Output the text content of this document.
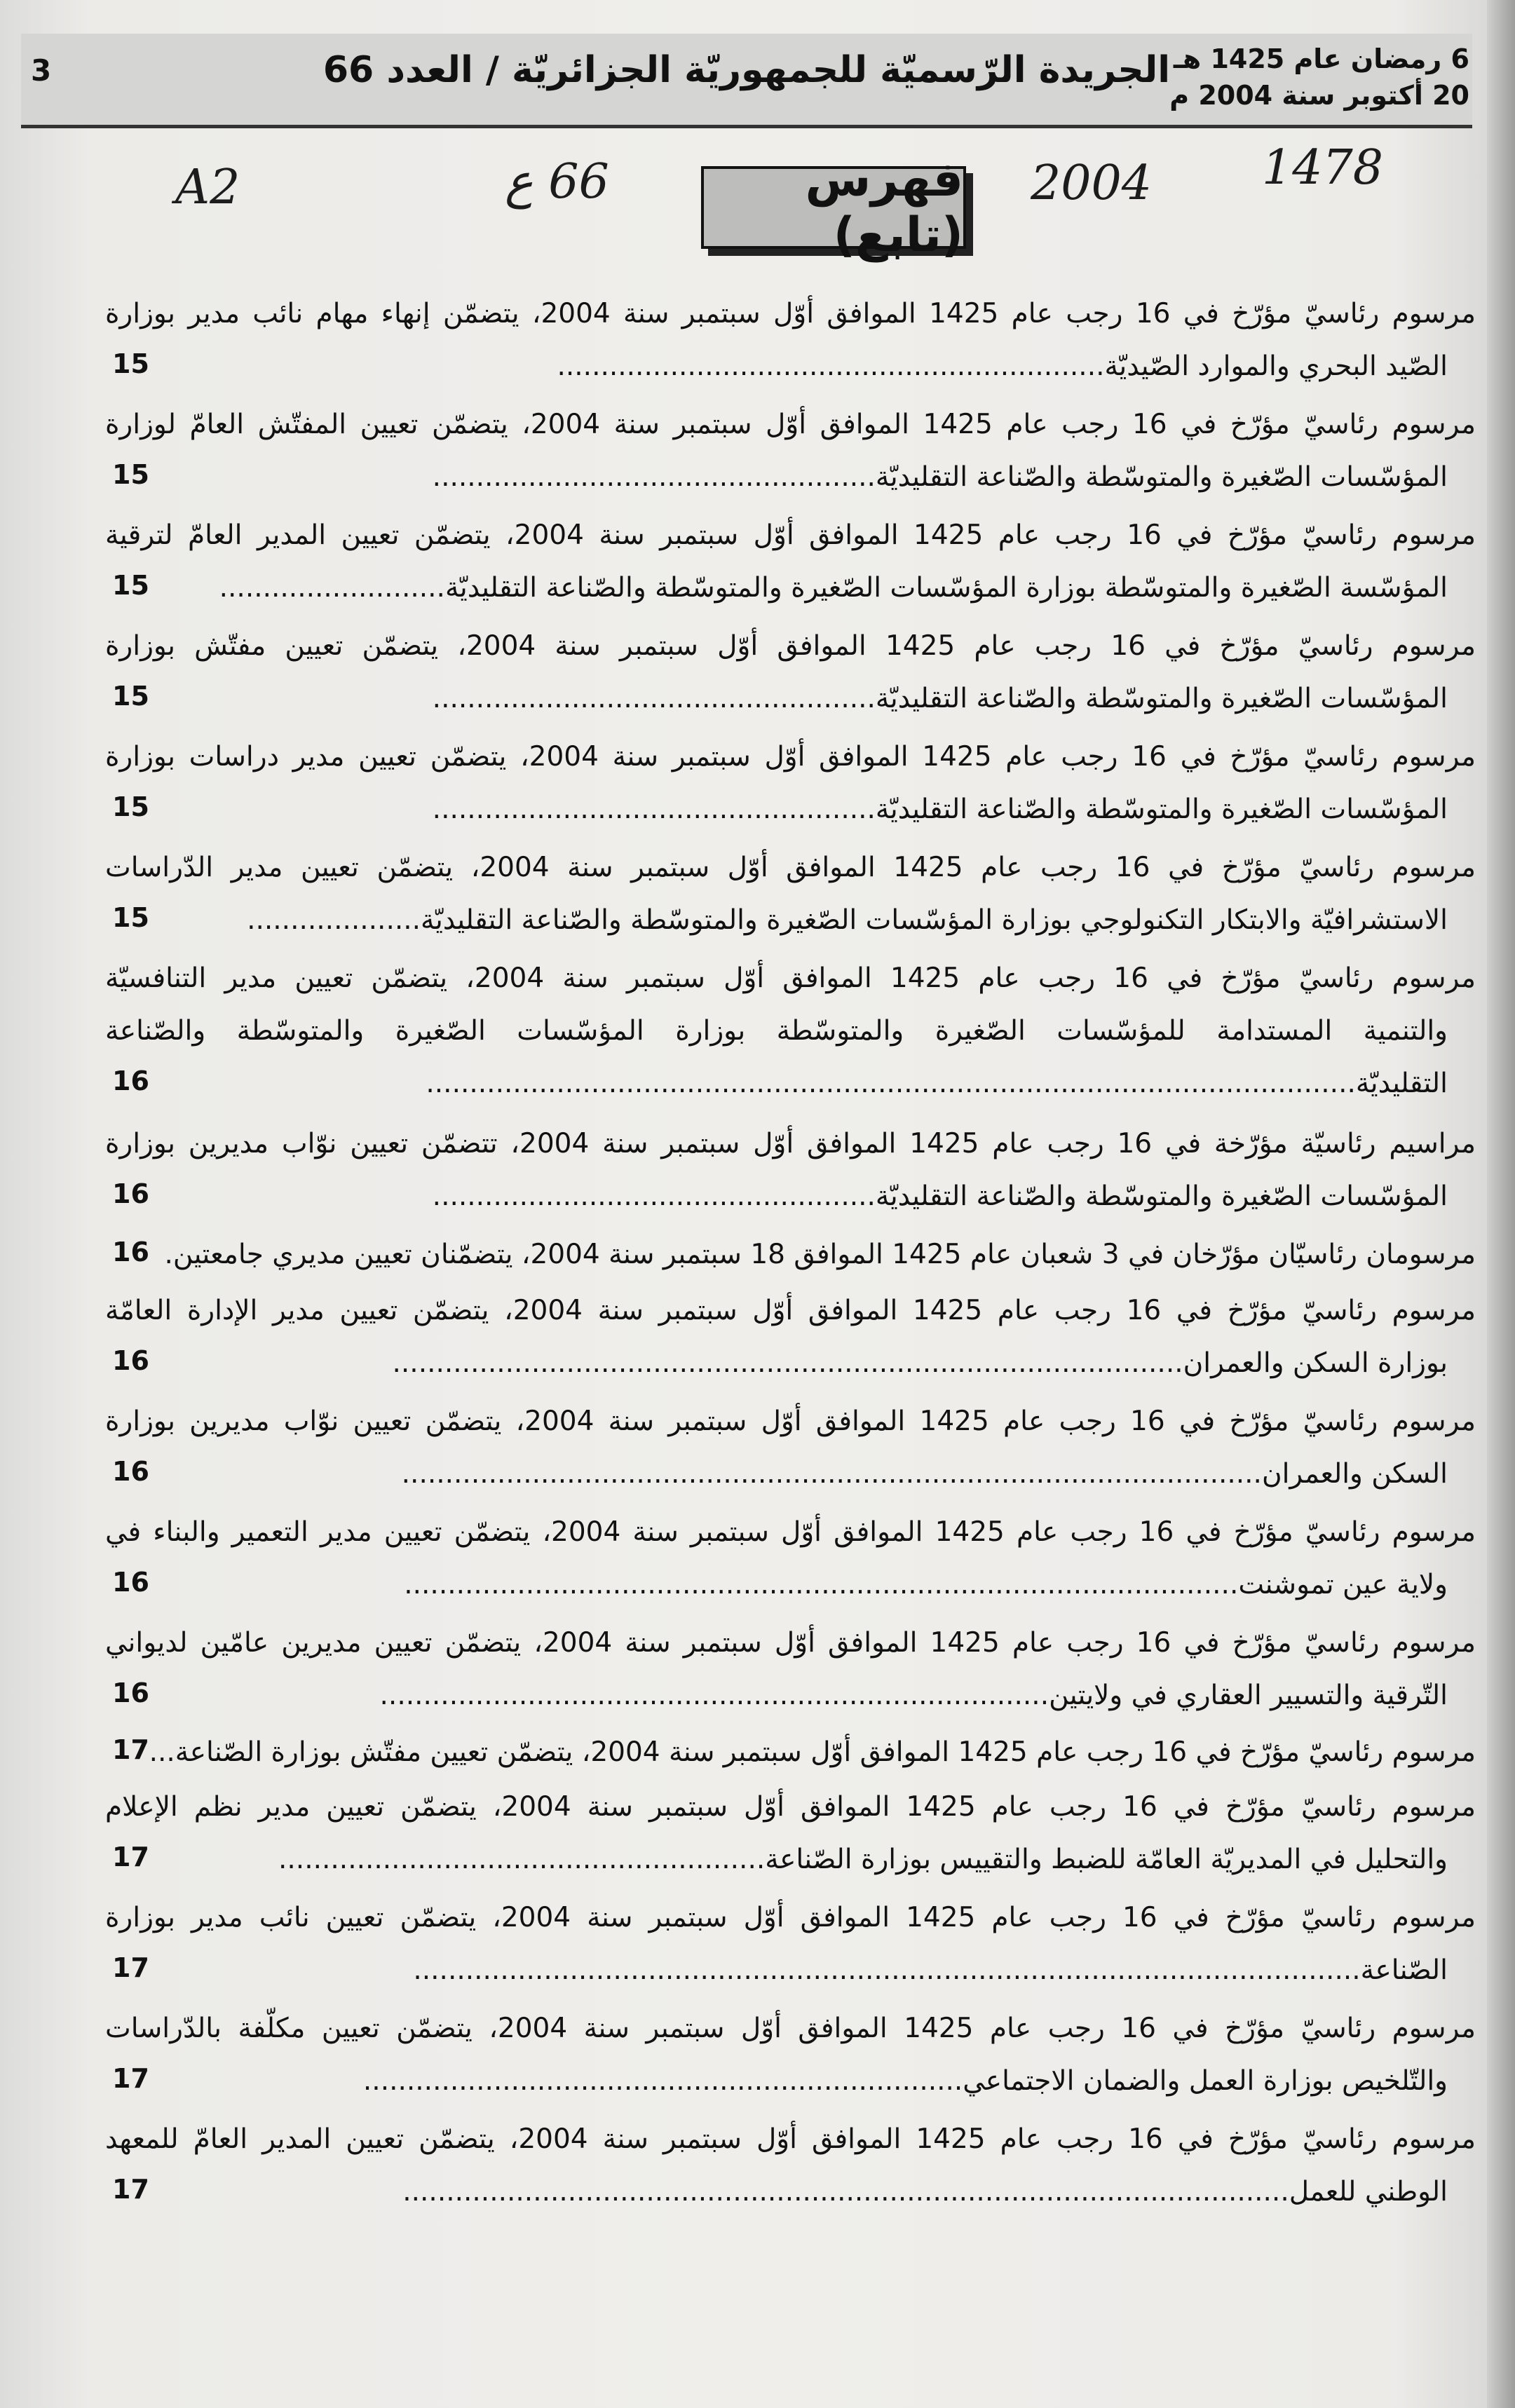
3	الجريدة الرّسميّة للجمهوريّة الجزائريّة / العدد 66 6 رمضان عام 1425 هـ
20 أكتوبر سنة 2004 م
A2	66 ع	2004 1478
فهرس (تابع)
مرسوم رئاسيّ مؤرّخ في 16 رجب عام 1425 الموافق أوّل سبتمبر سنة 2004، يتضمّن إنهاء مهام نائب مدير بوزارة
الصّيد البحري والموارد الصّيديّة...............................................................
15
مرسوم رئاسيّ مؤرّخ في 16 رجب عام 1425 الموافق أوّل سبتمبر سنة 2004، يتضمّن تعيين المفتّش العامّ لوزارة
المؤسّسات الصّغيرة والمتوسّطة والصّناعة التقليديّة...................................................
15
مرسوم رئاسيّ مؤرّخ في 16 رجب عام 1425 الموافق أوّل سبتمبر سنة 2004، يتضمّن تعيين المدير العامّ لترقية
المؤسّسة الصّغيرة والمتوسّطة بوزارة المؤسّسات الصّغيرة والمتوسّطة والصّناعة التقليديّة..........................
15
مرسوم رئاسيّ مؤرّخ في 16 رجب عام 1425 الموافق أوّل سبتمبر سنة 2004، يتضمّن تعيين مفتّش بوزارة
المؤسّسات الصّغيرة والمتوسّطة والصّناعة التقليديّة...................................................
15
مرسوم رئاسيّ مؤرّخ في 16 رجب عام 1425 الموافق أوّل سبتمبر سنة 2004، يتضمّن تعيين مدير دراسات بوزارة
المؤسّسات الصّغيرة والمتوسّطة والصّناعة التقليديّة...................................................
15
مرسوم رئاسيّ مؤرّخ في 16 رجب عام 1425 الموافق أوّل سبتمبر سنة 2004، يتضمّن تعيين مدير الدّراسات
الاستشرافيّة والابتكار التكنولوجي بوزارة المؤسّسات الصّغيرة والمتوسّطة والصّناعة التقليديّة....................
15
مرسوم رئاسيّ مؤرّخ في 16 رجب عام 1425 الموافق أوّل سبتمبر سنة 2004، يتضمّن تعيين مدير التنافسيّة
والتنمية المستدامة للمؤسّسات الصّغيرة والمتوسّطة بوزارة المؤسّسات الصّغيرة والمتوسّطة والصّناعة
التقليديّة...........................................................................................................
16
مراسيم رئاسيّة مؤرّخة في 16 رجب عام 1425 الموافق أوّل سبتمبر سنة 2004، تتضمّن تعيين نوّاب مديرين بوزارة
المؤسّسات الصّغيرة والمتوسّطة والصّناعة التقليديّة...................................................
16
مرسومان رئاسيّان مؤرّخان في 3 شعبان عام 1425 الموافق 18 سبتمبر سنة 2004، يتضمّنان تعيين مديري جامعتين.
16
مرسوم رئاسيّ مؤرّخ في 16 رجب عام 1425 الموافق أوّل سبتمبر سنة 2004، يتضمّن تعيين مدير الإدارة العامّة
بوزارة السكن والعمران...........................................................................................
16
مرسوم رئاسيّ مؤرّخ في 16 رجب عام 1425 الموافق أوّل سبتمبر سنة 2004، يتضمّن تعيين نوّاب مديرين بوزارة
السكن والعمران...................................................................................................
16
مرسوم رئاسيّ مؤرّخ في 16 رجب عام 1425 الموافق أوّل سبتمبر سنة 2004، يتضمّن تعيين مدير التعمير والبناء في
ولاية عين تموشنت................................................................................................
16
مرسوم رئاسيّ مؤرّخ في 16 رجب عام 1425 الموافق أوّل سبتمبر سنة 2004، يتضمّن تعيين مديرين عامّين لديواني
التّرقية والتسيير العقاري في ولايتين.............................................................................
16
مرسوم رئاسيّ مؤرّخ في 16 رجب عام 1425 الموافق أوّل سبتمبر سنة 2004، يتضمّن تعيين مفتّش بوزارة الصّناعة...
17
مرسوم رئاسيّ مؤرّخ في 16 رجب عام 1425 الموافق أوّل سبتمبر سنة 2004، يتضمّن تعيين مدير نظم الإعلام
والتحليل في المديريّة العامّة للضبط والتقييس بوزارة الصّناعة........................................................
17
مرسوم رئاسيّ مؤرّخ في 16 رجب عام 1425 الموافق أوّل سبتمبر سنة 2004، يتضمّن تعيين نائب مدير بوزارة
الصّناعة.............................................................................................................
17
مرسوم رئاسيّ مؤرّخ في 16 رجب عام 1425 الموافق أوّل سبتمبر سنة 2004، يتضمّن تعيين مكلّفة بالدّراسات
والتّلخيص بوزارة العمل والضمان الاجتماعي.....................................................................
17
مرسوم رئاسيّ مؤرّخ في 16 رجب عام 1425 الموافق أوّل سبتمبر سنة 2004، يتضمّن تعيين المدير العامّ للمعهد
الوطني للعمل......................................................................................................
17
